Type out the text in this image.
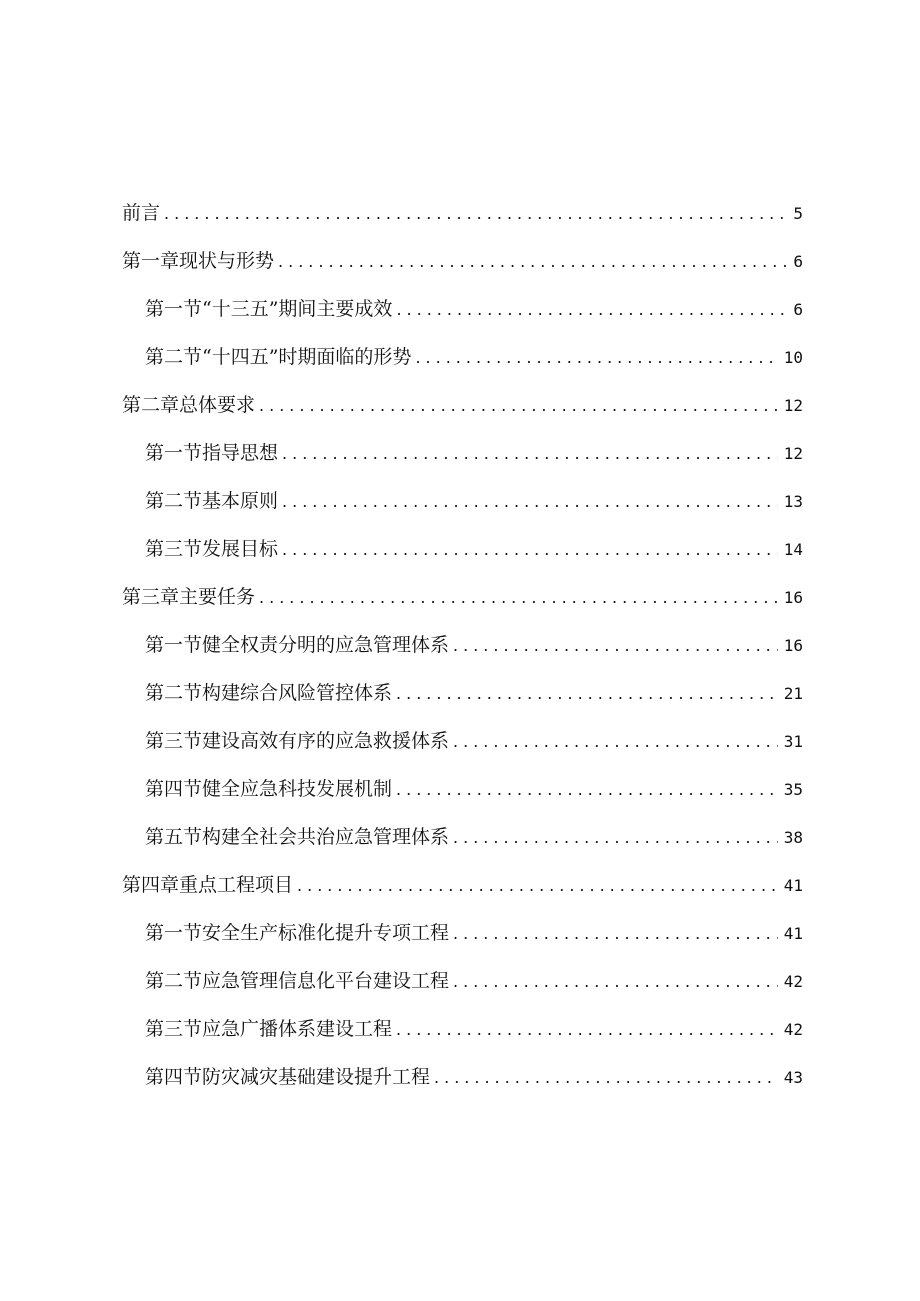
前言 .....	5
第一章现状与形势 .....	6
第一节“十三五”期间主要成效 .....	6
第二节“十四五”时期面临的形势 .....	10
第二章总体要求 .....	12
第一节指导思想 .....	12
第二节基本原则 .....	13
第三节发展目标 .....	14
第三章主要任务 .....	16
第一节健全权责分明的应急管理体系 .....	16
第二节构建综合风险管控体系 .....	21
第三节建设高效有序的应急救援体系 .....	31
第四节健全应急科技发展机制 .....	35
第五节构建全社会共治应急管理体系 .....	38
第四章重点工程项目 .....	41
第一节安全生产标准化提升专项工程 .....	41
第二节应急管理信息化平台建设工程 .....	42
第三节应急广播体系建设工程 .....	42
第四节防灾减灾基础建设提升工程 .....	43
